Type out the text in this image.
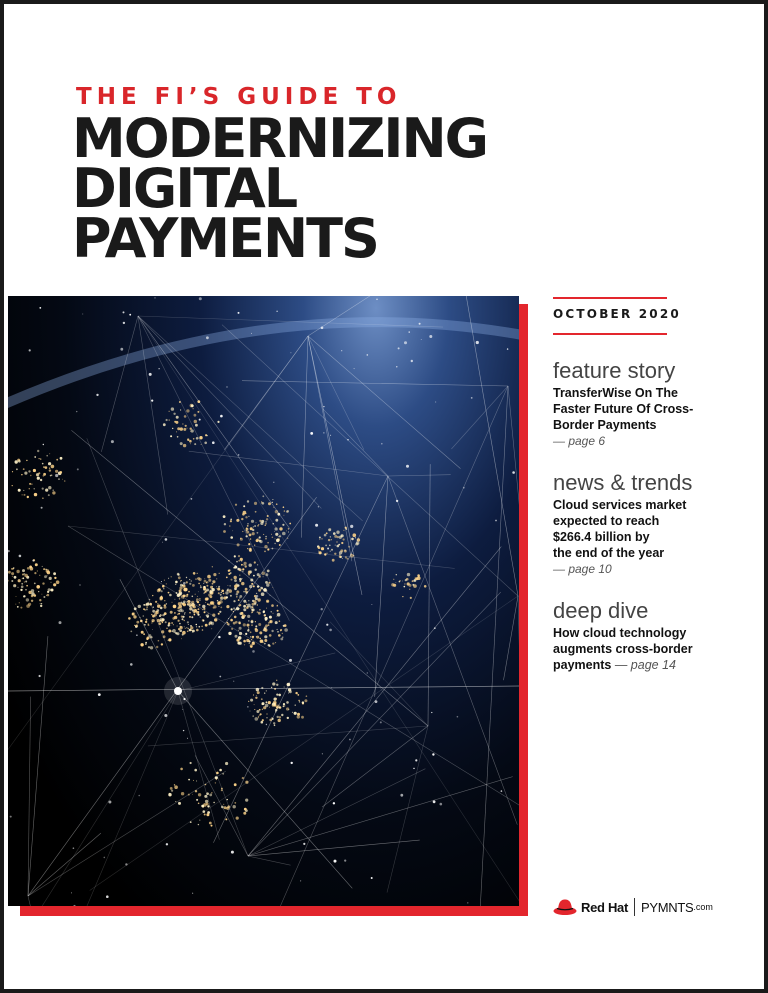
THE FI’S GUIDE TO
MODERNIZING
DIGITAL
PAYMENTS
OCTOBER 2020
feature story
TransferWise On The
Faster Future Of Cross-
Border Payments
— page 6
news & trends
Cloud services market
expected to reach
$266.4 billion by
the end of the year
— page 10
deep dive
How cloud technology
augments cross-border
payments — page 14
Red Hat PYMNTS .com
